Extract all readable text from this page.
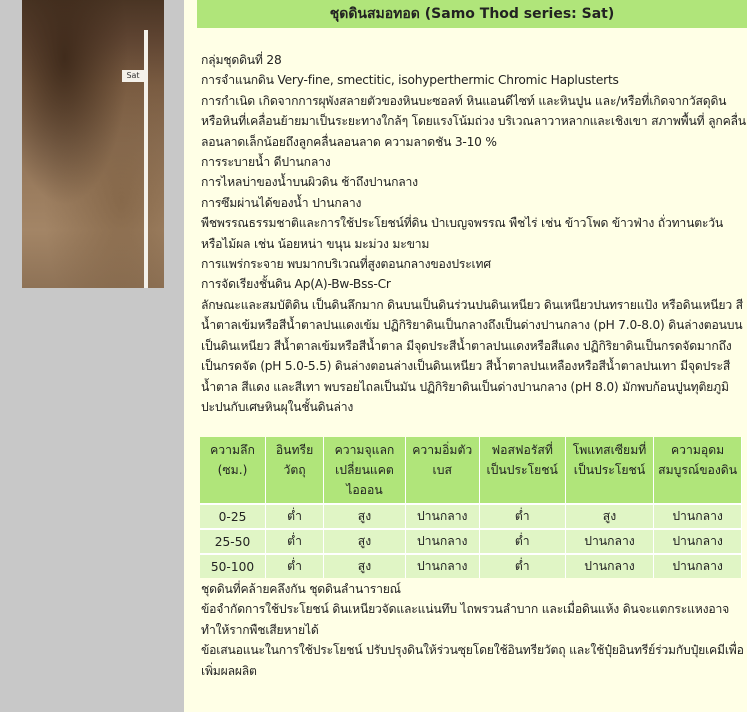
Sat
ชุดดินสมอทอด (Samo Thod series: Sat)

กลุ่มชุดดินที่ 28

การจำแนกดิน Very-fine, smectitic, isohyperthermic Chromic Haplusterts

การกำเนิด เกิดจากการผุพังสลายตัวของหินบะซอลท์ หินแอนดีไซท์ และหินปูน และ/หรือที่เกิดจากวัสดุดินหรือหินที่เคลื่อนย้ายมาเป็นระยะทางใกล้ๆ โดยแรงโน้มถ่วง บริเวณลาวาหลากและเชิงเขา สภาพพื้นที่ ลูกคลื่นลอนลาดเล็กน้อยถึงลูกคลื่นลอนลาด ความลาดชัน 3-10 %

การระบายน้ำ ดีปานกลาง

การไหลบ่าของน้ำบนผิวดิน ช้าถึงปานกลาง

การซึมผ่านได้ของน้ำ ปานกลาง

พืชพรรณธรรมชาติและการใช้ประโยชน์ที่ดิน ป่าเบญจพรรณ พืชไร่ เช่น ข้าวโพด ข้าวฟ่าง ถั่วทานตะวัน หรือไม้ผล เช่น น้อยหน่า ขนุน มะม่วง มะขาม

การแพร่กระจาย พบมากบริเวณที่สูงตอนกลางของประเทศ

การจัดเรียงชั้นดิน Ap(A)-Bw-Bss-Cr

ลักษณะและสมบัติดิน เป็นดินลึกมาก ดินบนเป็นดินร่วนปนดินเหนียว ดินเหนียวปนทรายแป้ง หรือดินเหนียว สีน้ำตาลเข้มหรือสีน้ำตาลปนแดงเข้ม ปฏิกิริยาดินเป็นกลางถึงเป็นด่างปานกลาง (pH 7.0-8.0) ดินล่างตอนบนเป็นดินเหนียว สีน้ำตาลเข้มหรือสีน้ำตาล มีจุดประสีน้ำตาลปนแดงหรือสีแดง ปฏิกิริยาดินเป็นกรดจัดมากถึงเป็นกรดจัด (pH 5.0-5.5) ดินล่างตอนล่างเป็นดินเหนียว สีน้ำตาลปนเหลืองหรือสีน้ำตาลปนเทา มีจุดประสีน้ำตาล สีแดง และสีเทา พบรอยไถลเป็นมัน ปฏิกิริยาดินเป็นด่างปานกลาง (pH 8.0) มักพบก้อนปูนทุติยภูมิปะปนกับเศษหินผุในชั้นดินล่าง

ความลึก (ซม.)	อินทรียวัตถุ	ความจุแลกเปลี่ยนแคตไอออน	ความอิ่มตัวเบส	ฟอสฟอรัสที่เป็นประโยชน์	โพแทสเซียมที่เป็นประโยชน์	ความอุดมสมบูรณ์ของดิน
0-25	ต่ำ	สูง	ปานกลาง	ต่ำ	สูง	ปานกลาง
25-50	ต่ำ	สูง	ปานกลาง	ต่ำ	ปานกลาง	ปานกลาง
50-100	ต่ำ	สูง	ปานกลาง	ต่ำ	ปานกลาง	ปานกลาง

ชุดดินที่คล้ายคลึงกัน ชุดดินลำนารายณ์

ข้อจำกัดการใช้ประโยชน์ ดินเหนียวจัดและแน่นทึบ ไถพรวนลำบาก และเมื่อดินแห้ง ดินจะแตกระแหงอาจทำให้รากพืชเสียหายได้

ข้อเสนอแนะในการใช้ประโยชน์ ปรับปรุงดินให้ร่วนซุยโดยใช้อินทรียวัตถุ และใช้ปุ๋ยอินทรีย์ร่วมกับปุ๋ยเคมีเพื่อเพิ่มผลผลิต
